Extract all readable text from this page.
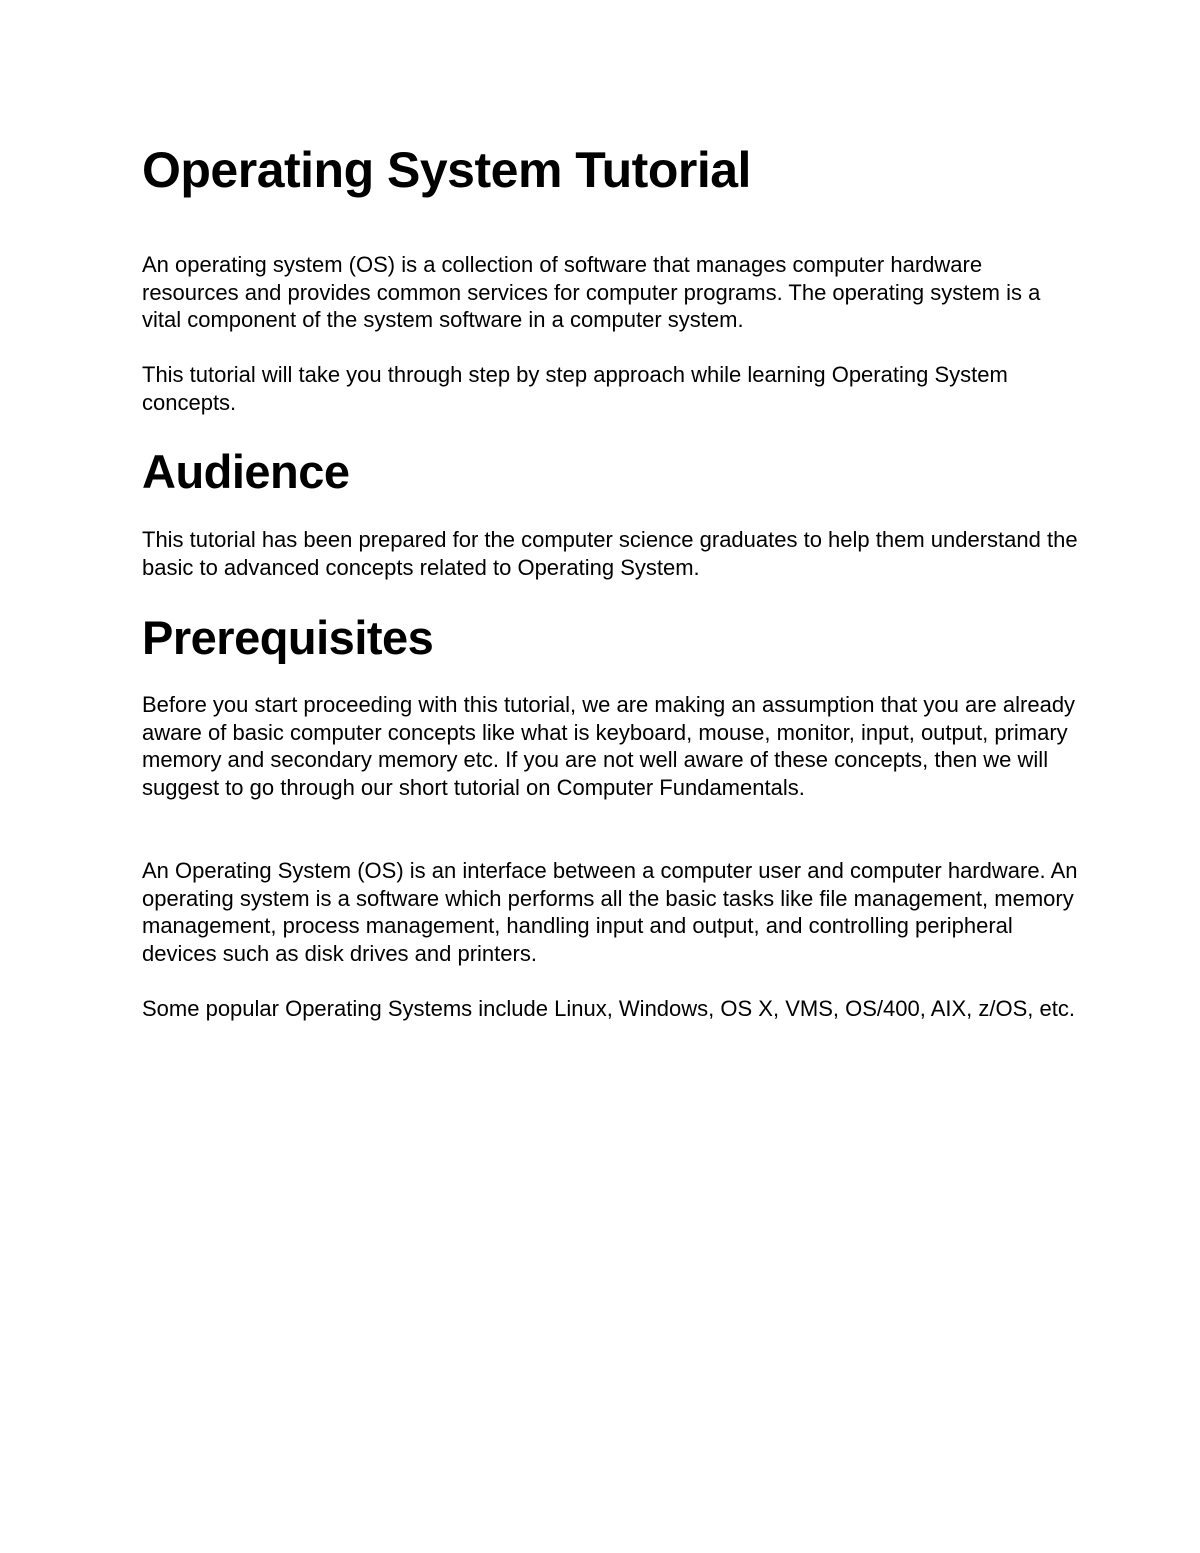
Operating System Tutorial

An operating system (OS) is a collection of software that manages computer hardware resources and provides common services for computer programs. The operating system is a vital component of the system software in a computer system.

This tutorial will take you through step by step approach while learning Operating System concepts.

Audience

This tutorial has been prepared for the computer science graduates to help them understand the basic to advanced concepts related to Operating System.

Prerequisites

Before you start proceeding with this tutorial, we are making an assumption that you are already aware of basic computer concepts like what is keyboard, mouse, monitor, input, output, primary memory and secondary memory etc. If you are not well aware of these concepts, then we will suggest to go through our short tutorial on Computer Fundamentals.

An Operating System (OS) is an interface between a computer user and computer hardware. An operating system is a software which performs all the basic tasks like file management, memory management, process management, handling input and output, and controlling peripheral devices such as disk drives and printers.

Some popular Operating Systems include Linux, Windows, OS X, VMS, OS/400, AIX, z/OS, etc.
